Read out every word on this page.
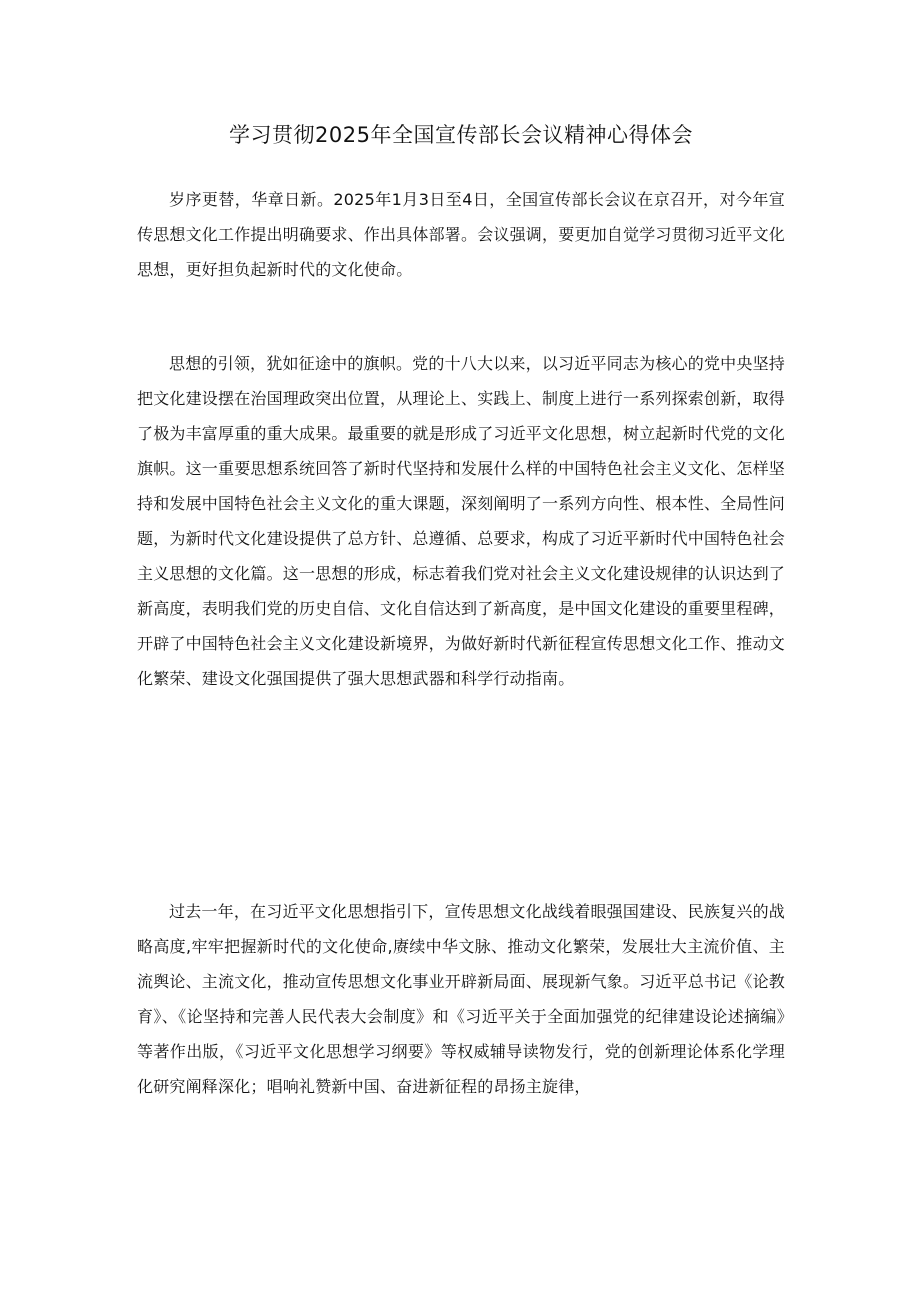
学习贯彻2025年全国宣传部长会议精神心得体会

岁序更替，华章日新。2025年1月3日至4日，全国宣传部长会议在京召开，对今年宣传思想文化工作提出明确要求、作出具体部署。会议强调，要更加自觉学习贯彻习近平文化思想，更好担负起新时代的文化使命。

思想的引领，犹如征途中的旗帜。党的十八大以来，以习近平同志为核心的党中央坚持把文化建设摆在治国理政突出位置，从理论上、实践上、制度上进行一系列探索创新，取得了极为丰富厚重的重大成果。最重要的就是形成了习近平文化思想，树立起新时代党的文化旗帜。这一重要思想系统回答了新时代坚持和发展什么样的中国特色社会主义文化、怎样坚持和发展中国特色社会主义文化的重大课题，深刻阐明了一系列方向性、根本性、全局性问题，为新时代文化建设提供了总方针、总遵循、总要求，构成了习近平新时代中国特色社会主义思想的文化篇。这一思想的形成，标志着我们党对社会主义文化建设规律的认识达到了新高度，表明我们党的历史自信、文化自信达到了新高度，是中国文化建设的重要里程碑，开辟了中国特色社会主义文化建设新境界，为做好新时代新征程宣传思想文化工作、推动文化繁荣、建设文化强国提供了强大思想武器和科学行动指南。

过去一年，在习近平文化思想指引下，宣传思想文化战线着眼强国建设、民族复兴的战略高度,牢牢把握新时代的文化使命,赓续中华文脉、推动文化繁荣，发展壮大主流价值、主流舆论、主流文化，推动宣传思想文化事业开辟新局面、展现新气象。习近平总书记《论教育》、《论坚持和完善人民代表大会制度》和《习近平关于全面加强党的纪律建设论述摘编》等著作出版，《习近平文化思想学习纲要》等权威辅导读物发行，党的创新理论体系化学理化研究阐释深化；唱响礼赞新中国、奋进新征程的昂扬主旋律，
